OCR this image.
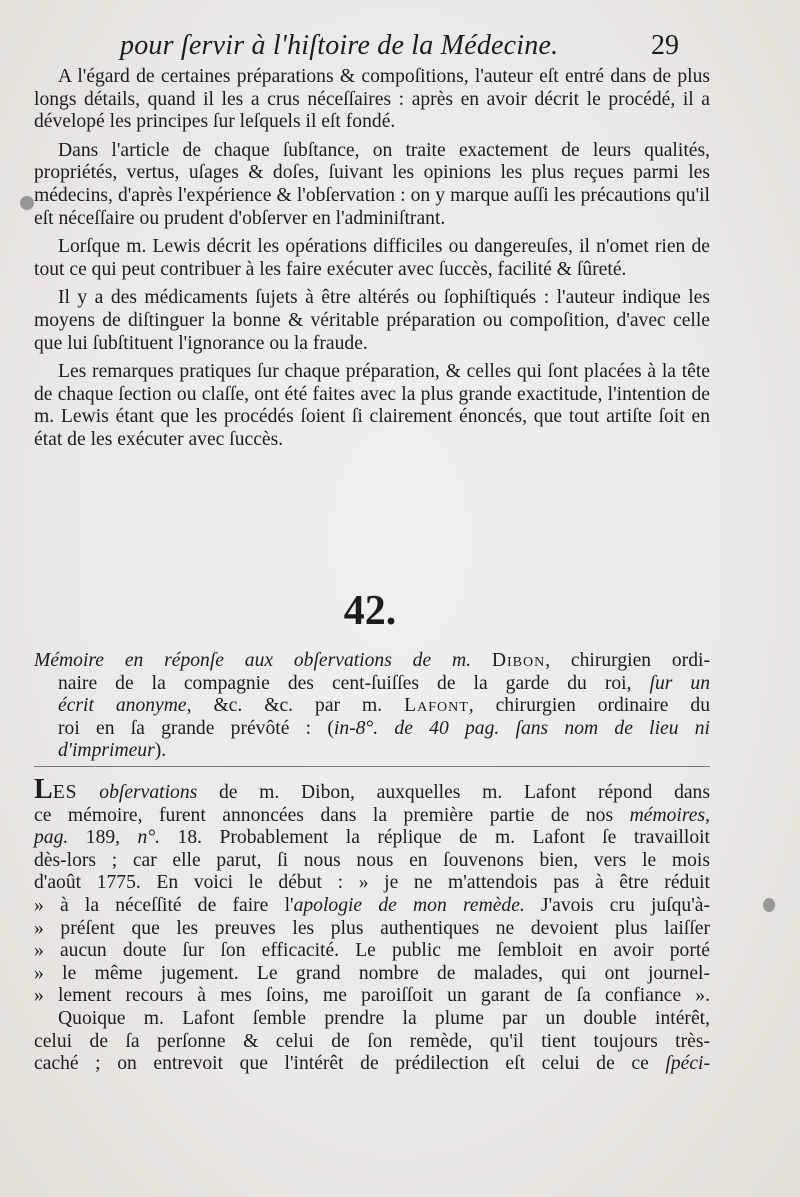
pour ſervir à l'hiſtoire de la Médecine.	29

A l'égard de certaines préparations & compoſitions, l'auteur eſt entré dans de plus longs détails, quand il les a crus néceſſaires : après en avoir décrit le procédé, il a dévelopé les principes ſur leſquels il eſt fondé.

Dans l'article de chaque ſubſtance, on traite exactement de leurs qualités, propriétés, vertus, uſages & doſes, ſuivant les opinions les plus reçues parmi les médecins, d'après l'expérience & l'obſervation : on y marque auſſi les précautions qu'il eſt néceſſaire ou prudent d'obſerver en l'adminiſtrant.

Lorſque m. Lewis décrit les opérations difficiles ou dangereuſes, il n'omet rien de tout ce qui peut contribuer à les faire exécuter avec ſuccès, facilité & ſûreté.

Il y a des médicaments ſujets à être altérés ou ſophiſtiqués : l'auteur indique les moyens de diſtinguer la bonne & véritable préparation ou compoſition, d'avec celle que lui ſubſtituent l'ignorance ou la fraude.

Les remarques pratiques ſur chaque préparation, & celles qui ſont placées à la tête de chaque ſection ou claſſe, ont été faites avec la plus grande exactitude, l'intention de m. Lewis étant que les procédés ſoient ſi clairement énoncés, que tout artiſte ſoit en état de les exécuter avec ſuccès.

42.
Mémoire en réponſe aux obſervations de m. Dibon, chirurgien ordi-
naire de la compagnie des cent-ſuiſſes de la garde du roi, ſur un
écrit anonyme, &c. &c. par m. Lafont, chirurgien ordinaire du
roi en ſa grande prévôté : (in-8°. de 40 pag. ſans nom de lieu ni
d'imprimeur).
LES obſervations de m. Dibon, auxquelles m. Lafont répond dans
ce mémoire, furent annoncées dans la première partie de nos mémoires,
pag. 189, n°. 18. Probablement la réplique de m. Lafont ſe travailloit
dès-lors ; car elle parut, ſi nous nous en ſouvenons bien, vers le mois
d'août 1775. En voici le début : » je ne m'attendois pas à être réduit
» à la néceſſité de faire l'apologie de mon remède. J'avois cru juſqu'à-
» préſent que les preuves les plus authentiques ne devoient plus laiſſer
» aucun doute ſur ſon efficacité. Le public me ſembloit en avoir porté
» le même jugement. Le grand nombre de malades, qui ont journel-
» lement recours à mes ſoins, me paroiſſoit un garant de ſa confiance ».
Quoique m. Lafont ſemble prendre la plume par un double intérêt,
celui de ſa perſonne & celui de ſon remède, qu'il tient toujours très-
caché ; on entrevoit que l'intérêt de prédilection eſt celui de ce ſpéci-
